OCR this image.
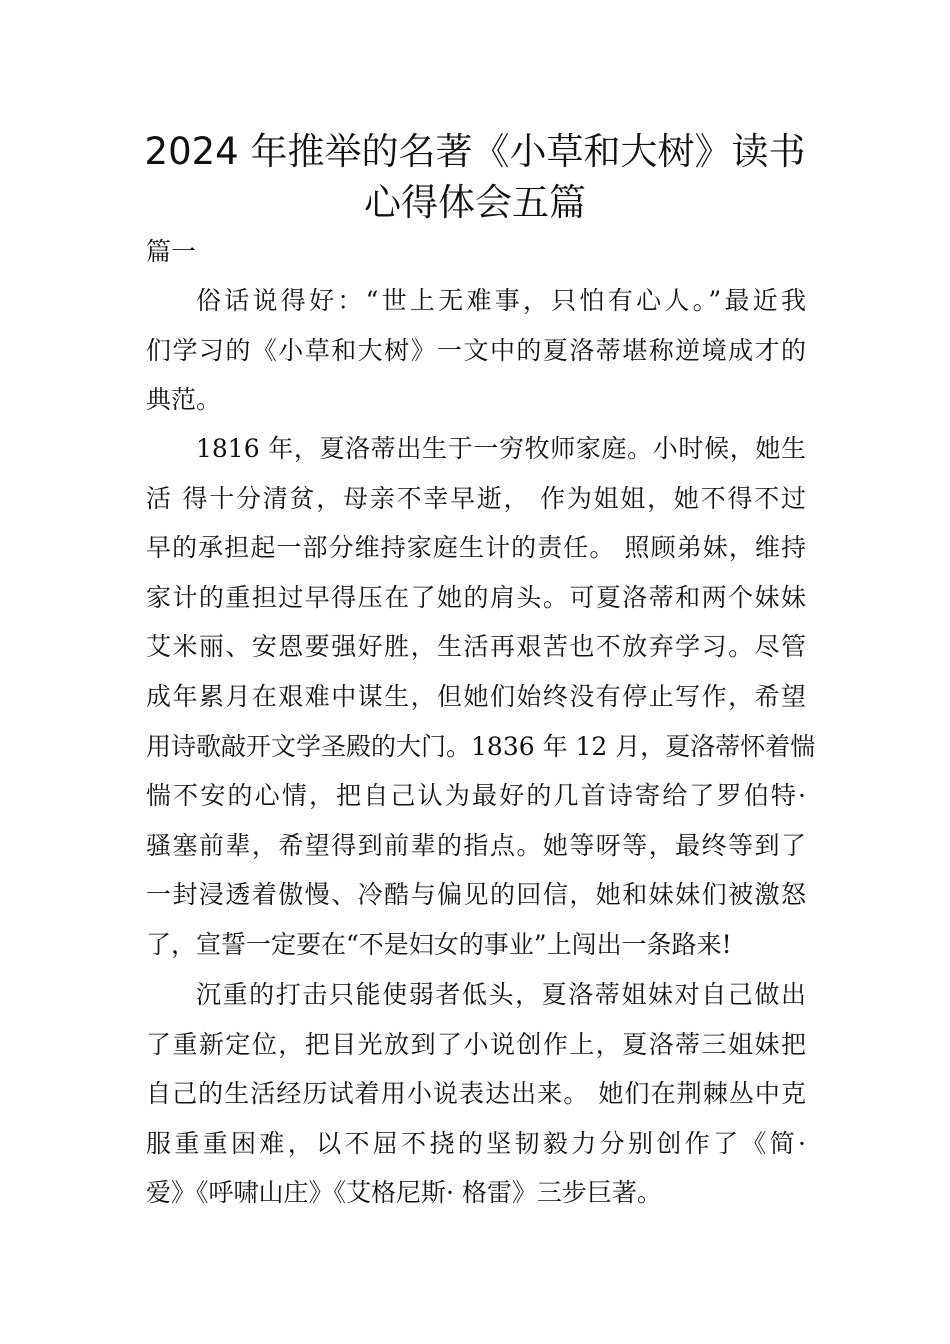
2024 年推举的名著《小草和大树》读书
心得体会五篇
篇一
俗话说得好：“世上无难事，只怕有心人。”最近我
们学习的《小草和大树》一文中的夏洛蒂堪称逆境成才的
典范。
1816 年，夏洛蒂出生于一穷牧师家庭。小时候，她生
活 得十分清贫，母亲不幸早逝， 作为姐姐，她不得不过
早的承担起一部分维持家庭生计的责任。 照顾弟妹，维持
家计的重担过早得压在了她的肩头。可夏洛蒂和两个妹妹
艾米丽、安恩要强好胜，生活再艰苦也不放弃学习。尽管
成年累月在艰难中谋生，但她们始终没有停止写作，希望
用诗歌敲开文学圣殿的大门。1836 年 12 月，夏洛蒂怀着惴
惴不安的心情，把自己认为最好的几首诗寄给了罗伯特·
骚塞前辈，希望得到前辈的指点。她等呀等，最终等到了
一封浸透着傲慢、冷酷与偏见的回信，她和妹妹们被激怒
了，宣誓一定要在“不是妇女的事业”上闯出一条路来!
沉重的打击只能使弱者低头，夏洛蒂姐妹对自己做出
了重新定位，把目光放到了小说创作上，夏洛蒂三姐妹把
自己的生活经历试着用小说表达出来。 她们在荆棘丛中克
服重重困难，以不屈不挠的坚韧毅力分别创作了《简·
爱》《呼啸山庄》《艾格尼斯· 格雷》三步巨著。
